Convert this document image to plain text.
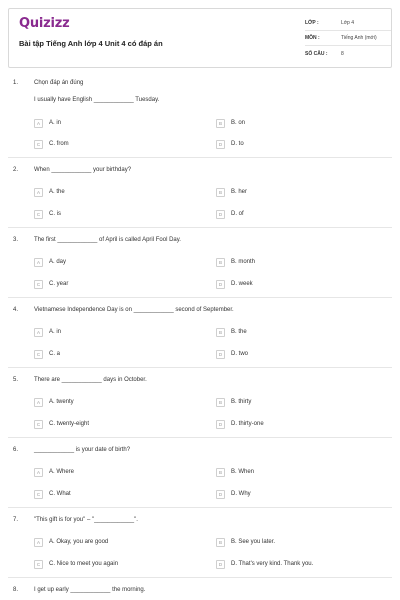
Quizizz
Bài tập Tiếng Anh lớp 4 Unit 4 có đáp án
LỚP :	Lớp 4
MÔN :	Tiếng Anh (mới)
SỐ CÂU :	8
1.	Chọn đáp án đúng
I usually have English ____________ Tuesday.
A	A. in	B	B. on
C	C. from	D	D. to
2.	When ____________ your birthday?
A	A. the	B	B. her
C	C. is	D	D. of
3.	The first ____________ of April is called April Fool Day.
A	A. day	B	B. month
C	C. year	D	D. week
4.	Vietnamese Independence Day is on ____________ second of September.
A	A. in	B	B. the
C	C. a	D	D. two
5.	There are ____________ days in October.
A	A. twenty	B	B. thirty
C	C. twenty-eight	D	D. thirty-one
6.	____________ is your date of birth?
A	A. Where	B	B. When
C	C. What	D	D. Why
7.	"This gift is for you" – "____________".
A	A. Okay, you are good	B	B. See you later.
C	C. Nice to meet you again	D	D. That's very kind. Thank you.
8.	I get up early ____________ the morning.
